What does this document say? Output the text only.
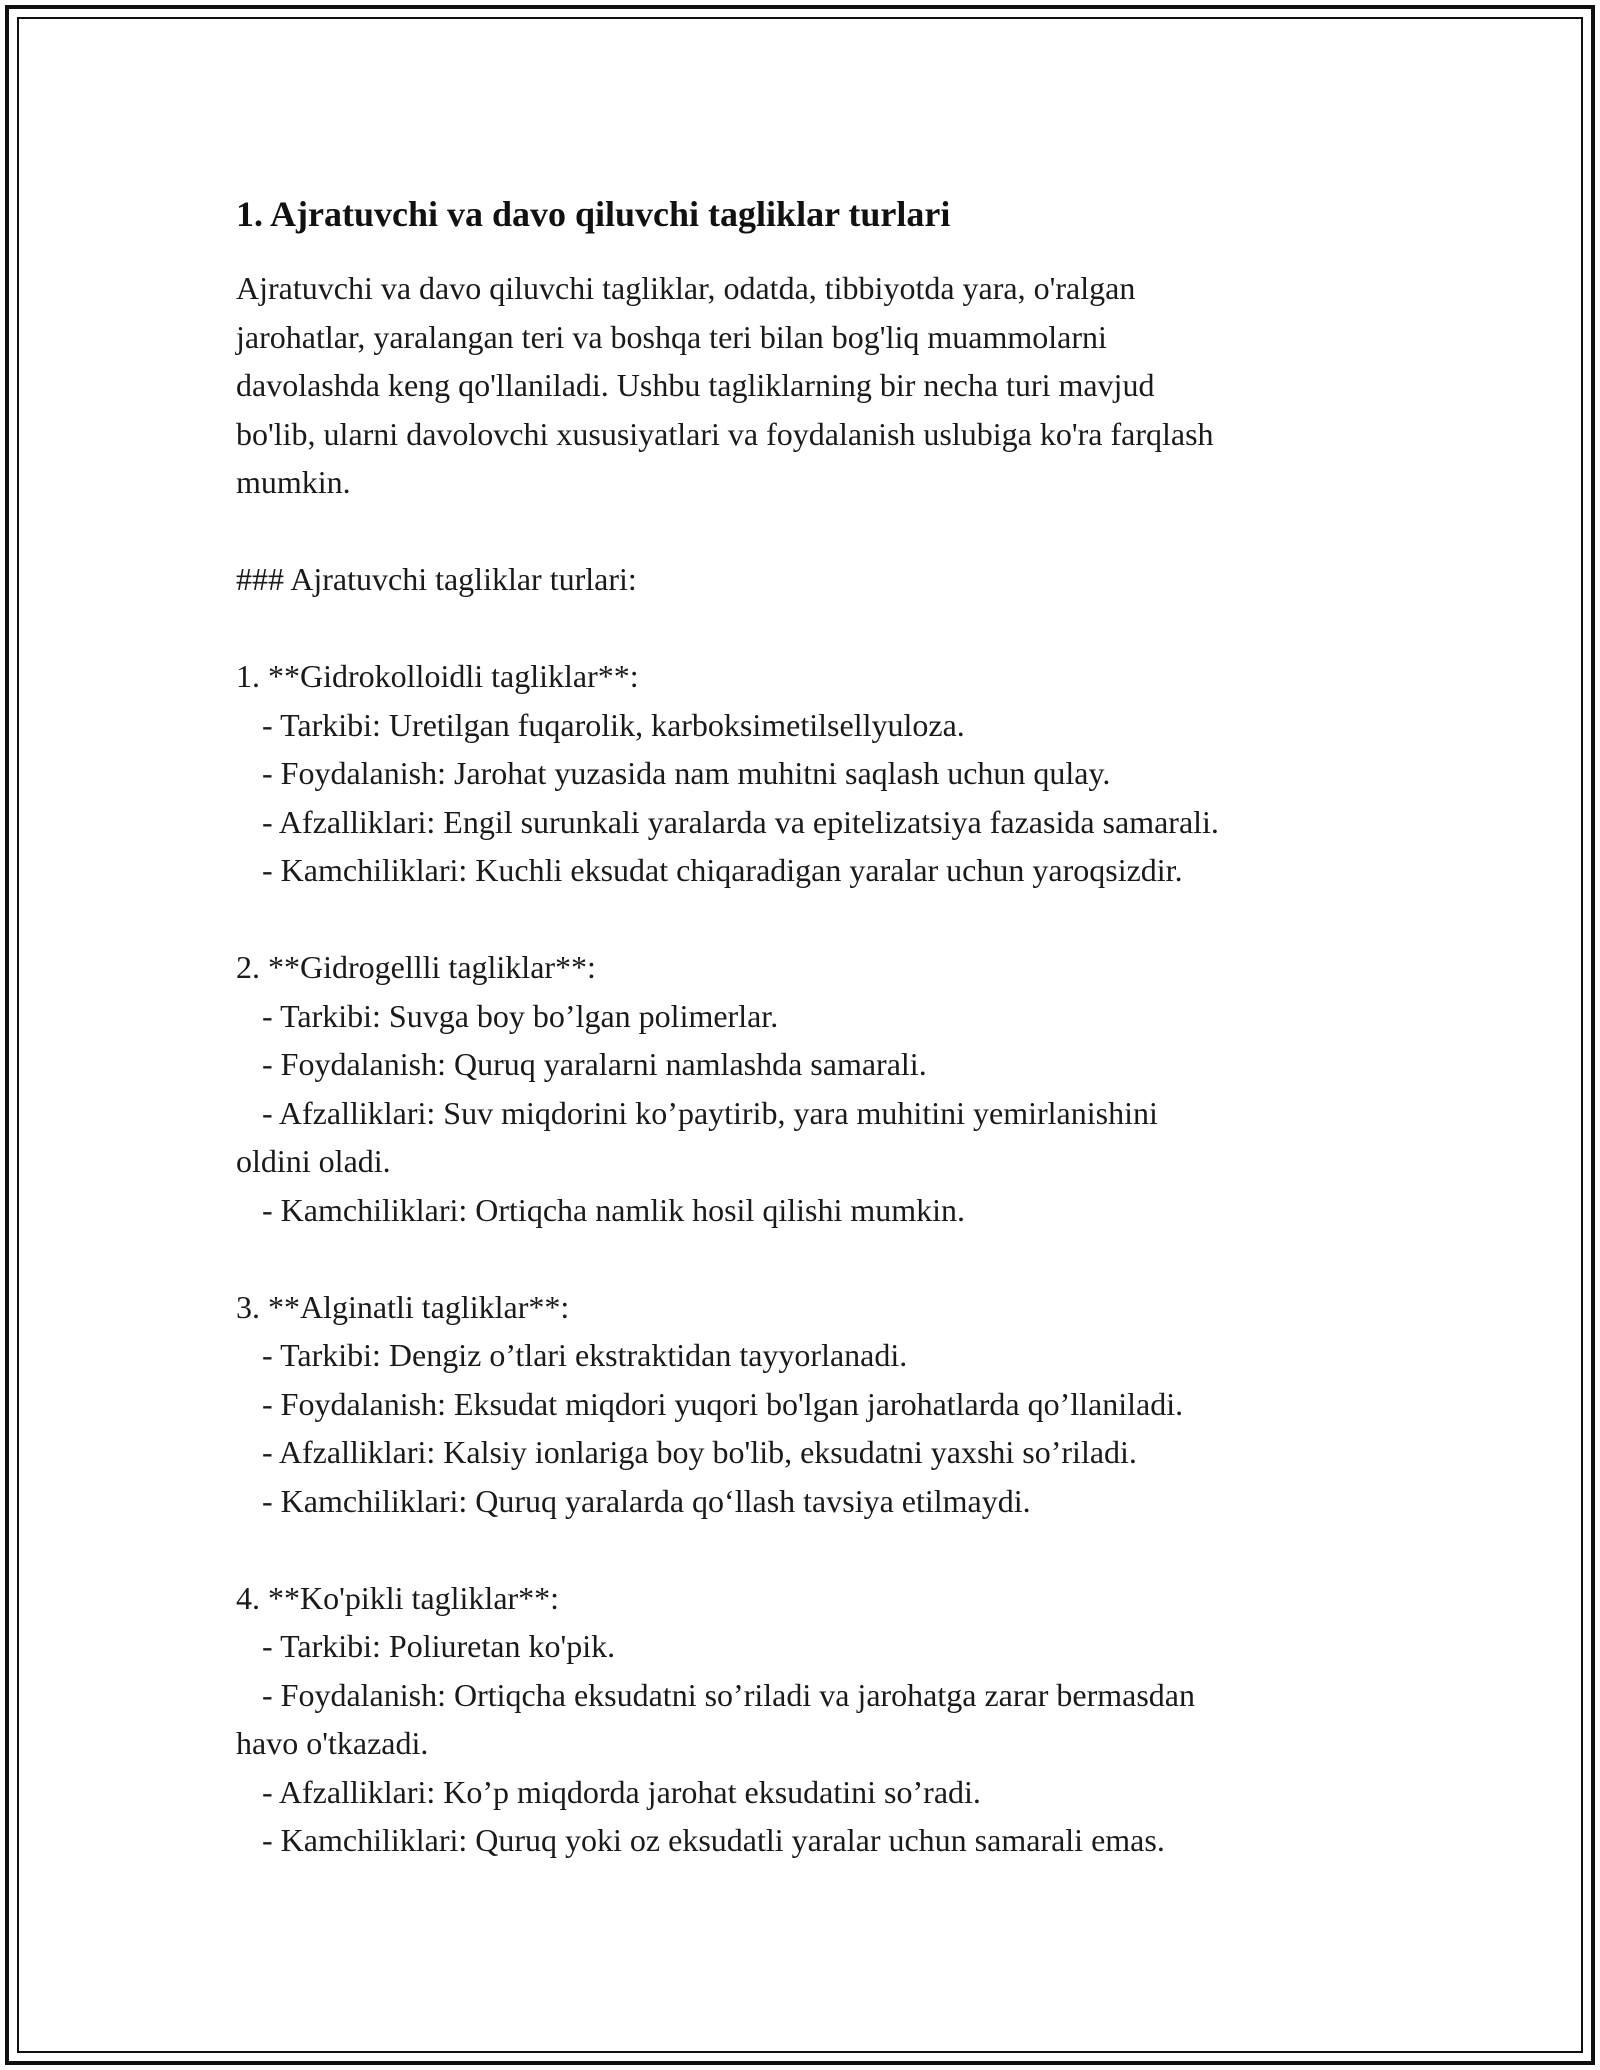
1. Ajratuvchi va davo qiluvchi tagliklar turlari

Ajratuvchi va davo qiluvchi tagliklar, odatda, tibbiyotda yara, o'ralgan

jarohatlar, yaralangan teri va boshqa teri bilan bog'liq muammolarni

davolashda keng qo'llaniladi. Ushbu tagliklarning bir necha turi mavjud

bo'lib, ularni davolovchi xususiyatlari va foydalanish uslubiga ko'ra farqlash

mumkin.

### Ajratuvchi tagliklar turlari:

1. **Gidrokolloidli tagliklar**:

- Tarkibi: Uretilgan fuqarolik, karboksimetilsellyuloza.

- Foydalanish: Jarohat yuzasida nam muhitni saqlash uchun qulay.

- Afzalliklari: Engil surunkali yaralarda va epitelizatsiya fazasida samarali.

- Kamchiliklari: Kuchli eksudat chiqaradigan yaralar uchun yaroqsizdir.

2. **Gidrogellli tagliklar**:

- Tarkibi: Suvga boy bo’lgan polimerlar.

- Foydalanish: Quruq yaralarni namlashda samarali.

- Afzalliklari: Suv miqdorini ko’paytirib, yara muhitini yemirlanishini

oldini oladi.

- Kamchiliklari: Ortiqcha namlik hosil qilishi mumkin.

3. **Alginatli tagliklar**:

- Tarkibi: Dengiz o’tlari ekstraktidan tayyorlanadi.

- Foydalanish: Eksudat miqdori yuqori bo'lgan jarohatlarda qo’llaniladi.

- Afzalliklari: Kalsiy ionlariga boy bo'lib, eksudatni yaxshi so’riladi.

- Kamchiliklari: Quruq yaralarda qo‘llash tavsiya etilmaydi.

4. **Ko'pikli tagliklar**:

- Tarkibi: Poliuretan ko'pik.

- Foydalanish: Ortiqcha eksudatni so’riladi va jarohatga zarar bermasdan

havo o'tkazadi.

- Afzalliklari: Ko’p miqdorda jarohat eksudatini so’radi.

- Kamchiliklari: Quruq yoki oz eksudatli yaralar uchun samarali emas.
